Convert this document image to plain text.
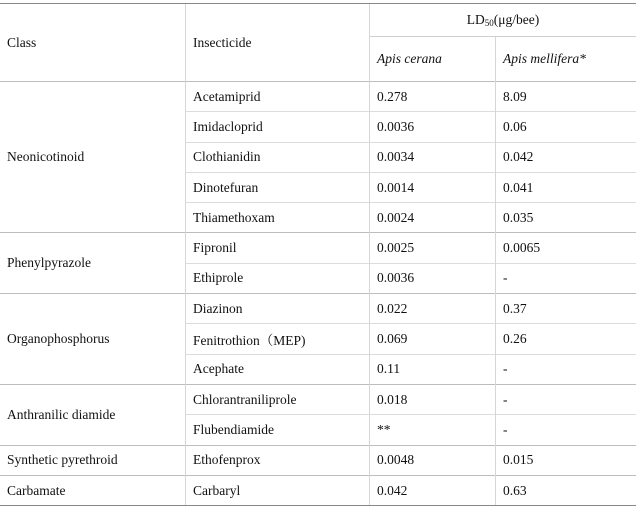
Class	Insecticide	$LD_{50}(\mu g/bee)$	
		Apis cerana	Apis mellifera*
Neonicotinoid	Acetamiprid	0.278	8.09
	Imidacloprid	0.0036	0.06
	Clothianidin	0.0034	0.042
	Dinotefuran	0.0014	0.041
	Thiamethoxam	0.0024	0.035
Phenylpyrazole	Fipronil	0.0025	0.0065
	Ethiprole	0.0036	-
Organophosphorus	Diazinon	0.022	0.37
	Fenitrothion（MEP)	0.069	0.26
	Acephate	0.11	-
Anthranilic diamide	Chlorantraniliprole	0.018	-
	Flubendiamide	**	-
Synthetic pyrethroid	Ethofenprox	0.0048	0.015
Carbamate	Carbaryl	0.042	0.63
